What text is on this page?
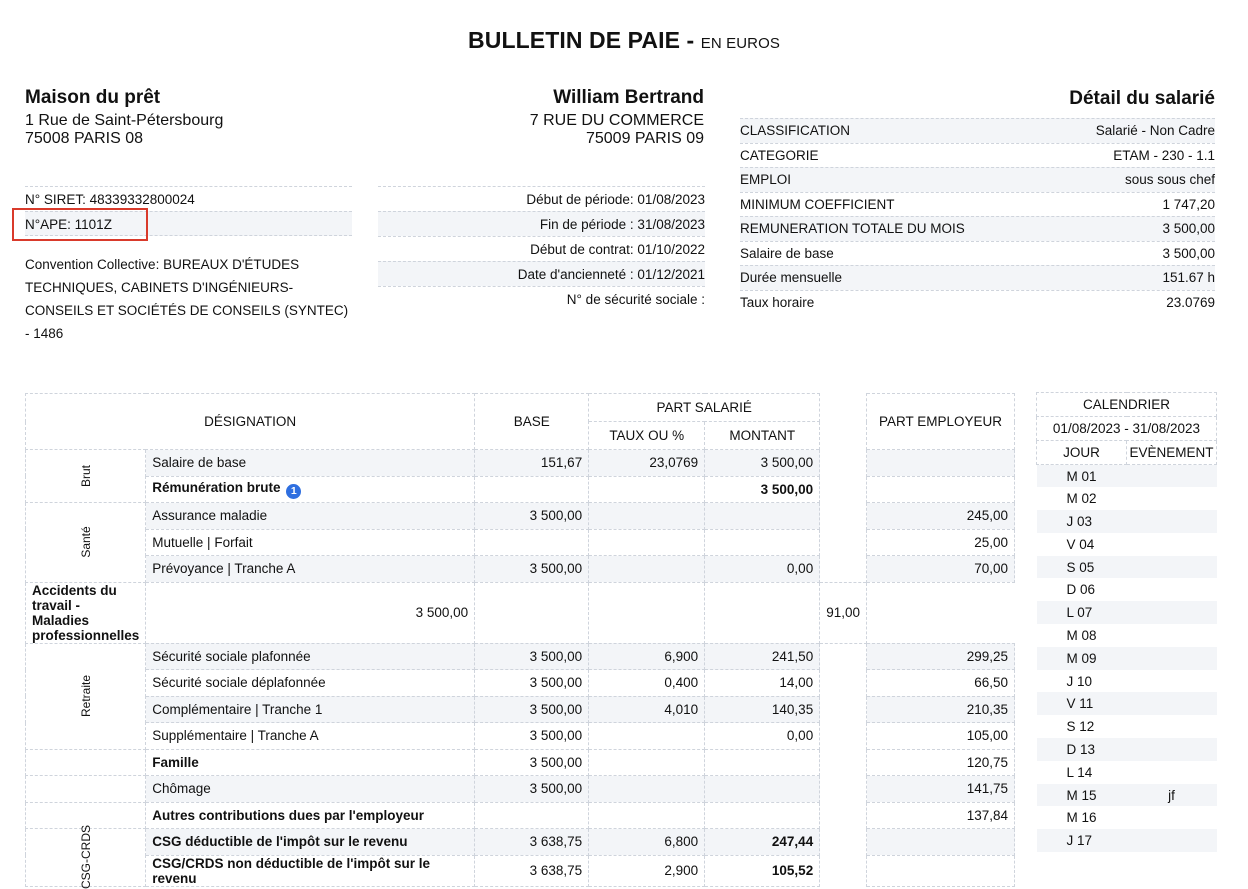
BULLETIN DE PAIE - EN EUROS
Maison du prêt
1 Rue de Saint-Pétersbourg
75008 PARIS 08
N° SIRET: 48339332800024
N°APE: 1101Z
Convention Collective: BUREAUX D'ÉTUDES TECHNIQUES, CABINETS D'INGÉNIEURS-CONSEILS ET SOCIÉTÉS DE CONSEILS (SYNTEC) - 1486
William Bertrand
7 RUE DU COMMERCE
75009 PARIS 09
Début de période: 01/08/2023
Fin de période : 31/08/2023
Début de contrat: 01/10/2022
Date d'ancienneté : 01/12/2021
N° de sécurité sociale :
Détail du salarié
CLASSIFICATION	Salarié - Non Cadre
CATEGORIE	ETAM - 230 - 1.1
EMPLOI	sous sous chef
MINIMUM COEFFICIENT	1 747,20
REMUNERATION TOTALE DU MOIS	3 500,00
Salaire de base	3 500,00
Durée mensuelle	151.67 h
Taux horaire	23.0769
DÉSIGNATION		BASE	PART SALARIÉ			PART EMPLOYEUR
			TAUX OU %	MONTANT		

Brut	Salaire de base	151,67	23,0769	3 500,00		
	Rémunération brute 1			3 500,00		

Santé	Assurance maladie	3 500,00				245,00
	Mutuelle | Forfait					25,00
	Prévoyance | Tranche A	3 500,00		0,00		70,00
Accidents du travail - Maladies professionnelles	3 500,00				91,00	

Retraite	Sécurité sociale plafonnée	3 500,00	6,900	241,50		299,25
	Sécurité sociale déplafonnée	3 500,00	0,400	14,00		66,50
	Complémentaire | Tranche 1	3 500,00	4,010	140,35		210,35
	Supplémentaire | Tranche A	3 500,00		0,00		105,00
	Famille	3 500,00				120,75
	Chômage	3 500,00				141,75
	Autres contributions dues par l'employeur					137,84

CSG-CRDS	CSG déductible de l'impôt sur le revenu	3 638,75	6,800	247,44		
	CSG/CRDS non déductible de l'impôt sur le revenu	3 638,75	2,900	105,52		
CALENDRIER	
01/08/2023 - 31/08/2023	
JOUR	EVÈNEMENT
M 01	
M 02	
J 03	
V 04	
S 05	
D 06	
L 07	
M 08	
M 09	
J 10	
V 11	
S 12	
D 13	
L 14	
M 15	jf
M 16	
J 17	
